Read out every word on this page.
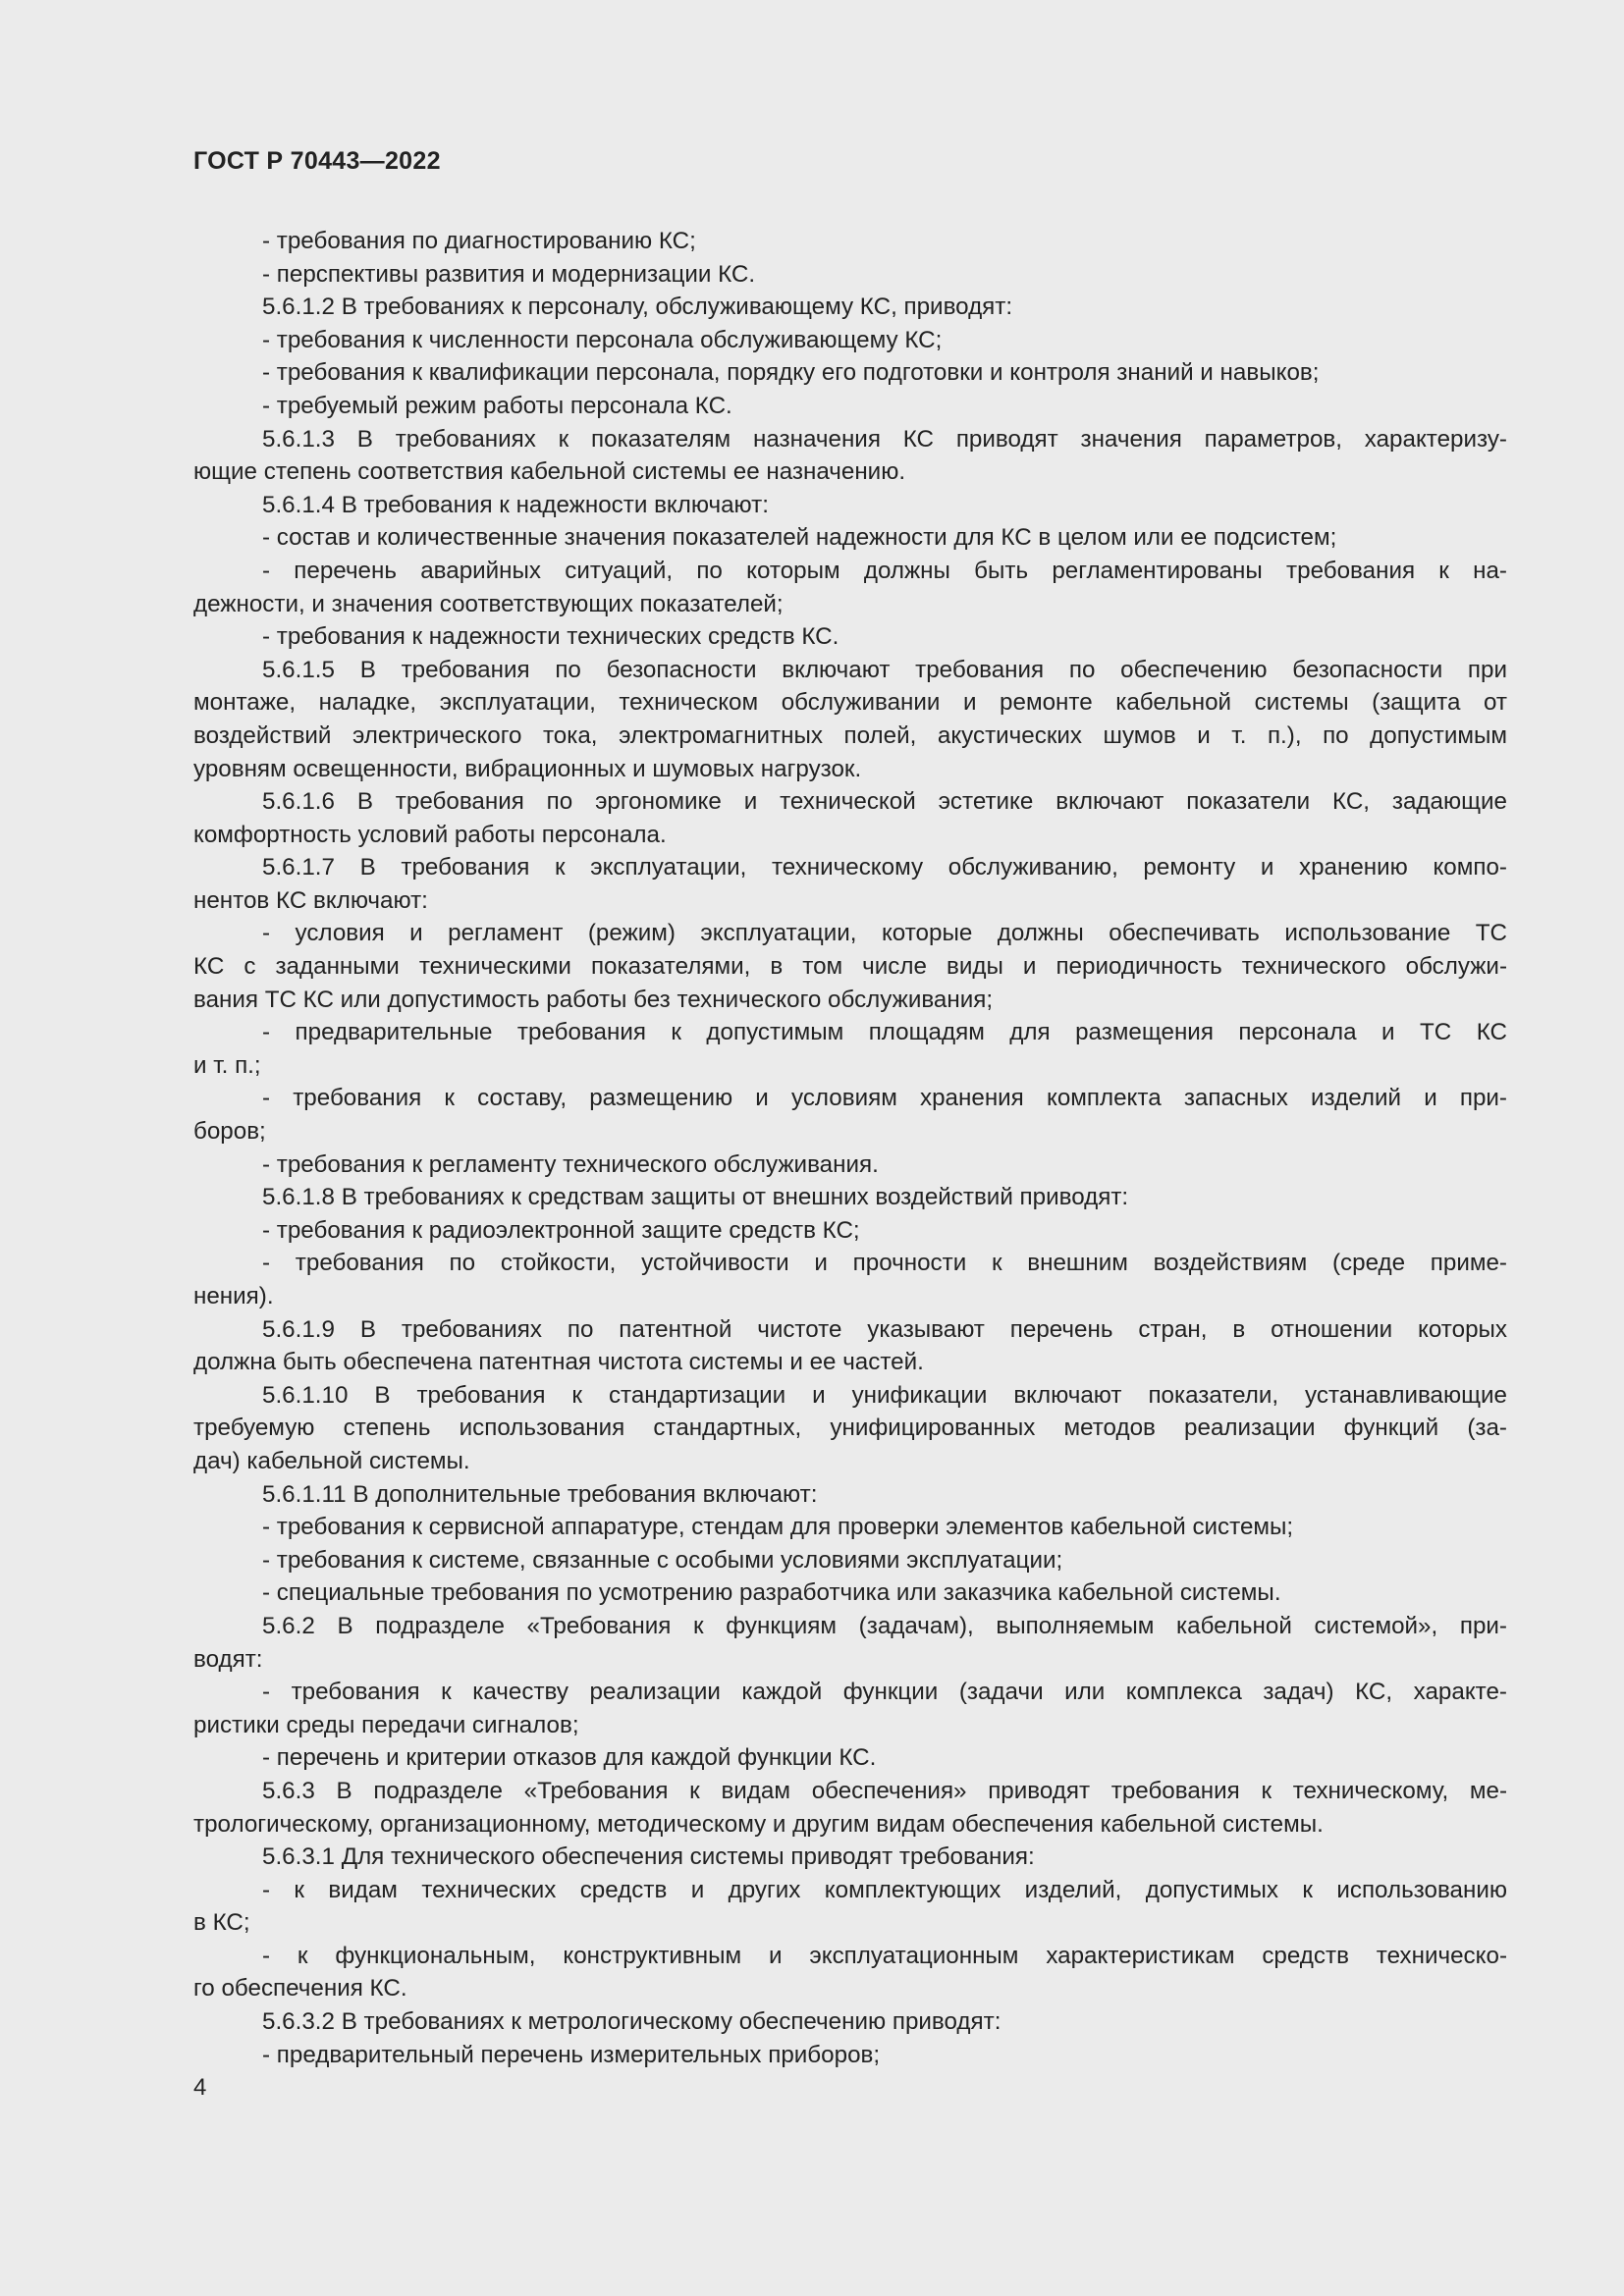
ГОСТ Р 70443—2022
- требования по диагностированию КС;
- перспективы развития и модернизации КС.
5.6.1.2 В требованиях к персоналу, обслуживающему КС, приводят:
- требования к численности персонала обслуживающему КС;
- требования к квалификации персонала, порядку его подготовки и контроля знаний и навыков;
- требуемый режим работы персонала КС.
5.6.1.3 В требованиях к показателям назначения КС приводят значения параметров, характеризу-
ющие степень соответствия кабельной системы ее назначению.
5.6.1.4 В требования к надежности включают:
- состав и количественные значения показателей надежности для КС в целом или ее подсистем;
- перечень аварийных ситуаций, по которым должны быть регламентированы требования к на-
дежности, и значения соответствующих показателей;
- требования к надежности технических средств КС.
5.6.1.5 В требования по безопасности включают требования по обеспечению безопасности при
монтаже, наладке, эксплуатации, техническом обслуживании и ремонте кабельной системы (защита от
воздействий электрического тока, электромагнитных полей, акустических шумов и т. п.), по допустимым
уровням освещенности, вибрационных и шумовых нагрузок.
5.6.1.6 В требования по эргономике и технической эстетике включают показатели КС, задающие
комфортность условий работы персонала.
5.6.1.7 В требования к эксплуатации, техническому обслуживанию, ремонту и хранению компо-
нентов КС включают:
- условия и регламент (режим) эксплуатации, которые должны обеспечивать использование ТС
КС с заданными техническими показателями, в том числе виды и периодичность технического обслужи-
вания ТС КС или допустимость работы без технического обслуживания;
- предварительные требования к допустимым площадям для размещения персонала и ТС КС
и т. п.;
- требования к составу, размещению и условиям хранения комплекта запасных изделий и при-
боров;
- требования к регламенту технического обслуживания.
5.6.1.8 В требованиях к средствам защиты от внешних воздействий приводят:
- требования к радиоэлектронной защите средств КС;
- требования по стойкости, устойчивости и прочности к внешним воздействиям (среде приме-
нения).
5.6.1.9 В требованиях по патентной чистоте указывают перечень стран, в отношении которых
должна быть обеспечена патентная чистота системы и ее частей.
5.6.1.10 В требования к стандартизации и унификации включают показатели, устанавливающие
требуемую степень использования стандартных, унифицированных методов реализации функций (за-
дач) кабельной системы.
5.6.1.11 В дополнительные требования включают:
- требования к сервисной аппаратуре, стендам для проверки элементов кабельной системы;
- требования к системе, связанные с особыми условиями эксплуатации;
- специальные требования по усмотрению разработчика или заказчика кабельной системы.
5.6.2 В подразделе «Требования к функциям (задачам), выполняемым кабельной системой», при-
водят:
- требования к качеству реализации каждой функции (задачи или комплекса задач) КС, характе-
ристики среды передачи сигналов;
- перечень и критерии отказов для каждой функции КС.
5.6.3 В подразделе «Требования к видам обеспечения» приводят требования к техническому, ме-
трологическому, организационному, методическому и другим видам обеспечения кабельной системы.
5.6.3.1 Для технического обеспечения системы приводят требования:
- к видам технических средств и других комплектующих изделий, допустимых к использованию
в КС;
- к функциональным, конструктивным и эксплуатационным характеристикам средств техническо-
го обеспечения КС.
5.6.3.2 В требованиях к метрологическому обеспечению приводят:
- предварительный перечень измерительных приборов;
4
